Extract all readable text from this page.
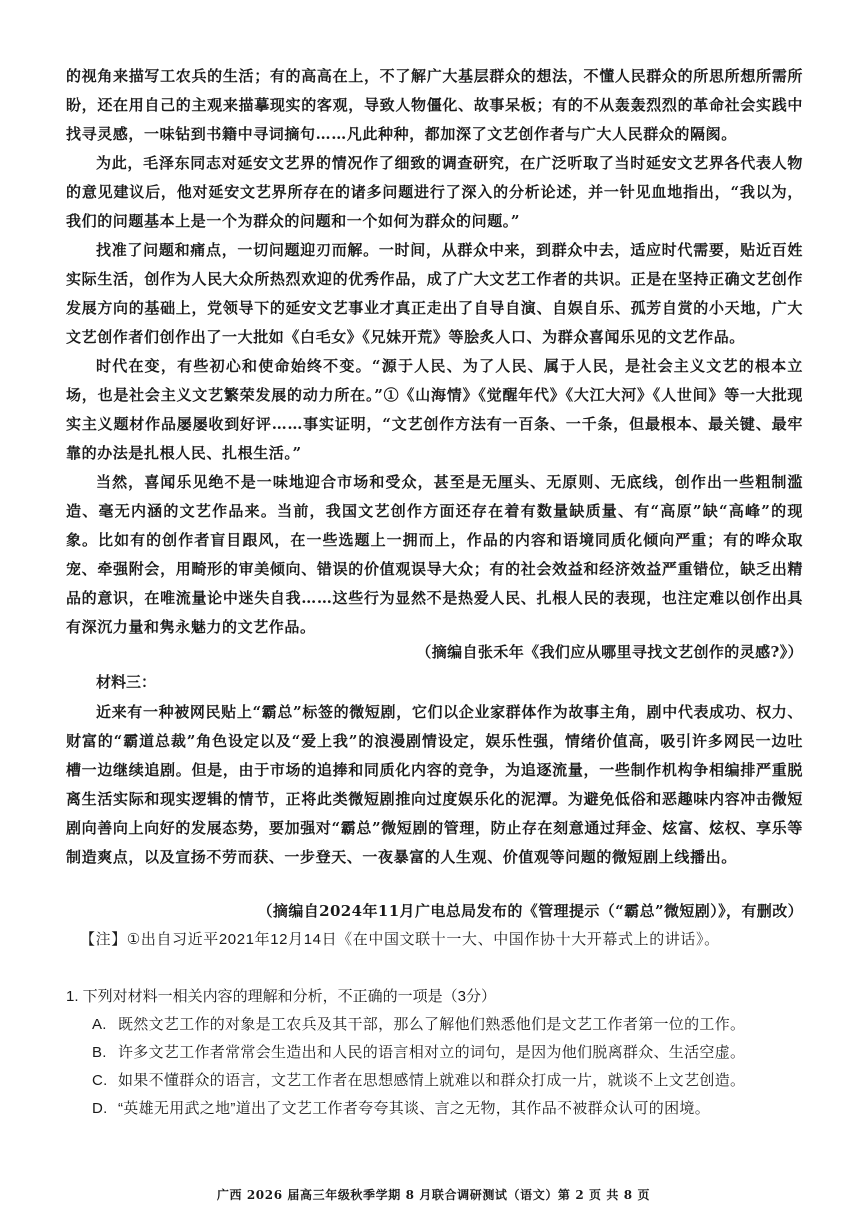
的视角来描写工农兵的生活；有的高高在上，不了解广大基层群众的想法，不懂人民群众的所思所想所需所盼，还在用自己的主观来描摹现实的客观，导致人物僵化、故事呆板；有的不从轰轰烈烈的革命社会实践中找寻灵感，一味钻到书籍中寻词摘句……凡此种种，都加深了文艺创作者与广大人民群众的隔阂。

为此，毛泽东同志对延安文艺界的情况作了细致的调查研究，在广泛听取了当时延安文艺界各代表人物的意见建议后，他对延安文艺界所存在的诸多问题进行了深入的分析论述，并一针见血地指出，“我以为，我们的问题基本上是一个为群众的问题和一个如何为群众的问题。”

找准了问题和痛点，一切问题迎刃而解。一时间，从群众中来，到群众中去，适应时代需要，贴近百姓实际生活，创作为人民大众所热烈欢迎的优秀作品，成了广大文艺工作者的共识。正是在坚持正确文艺创作发展方向的基础上，党领导下的延安文艺事业才真正走出了自导自演、自娱自乐、孤芳自赏的小天地，广大文艺创作者们创作出了一大批如《白毛女》《兄妹开荒》等脍炙人口、为群众喜闻乐见的文艺作品。

时代在变，有些初心和使命始终不变。“源于人民、为了人民、属于人民，是社会主义文艺的根本立场，也是社会主义文艺繁荣发展的动力所在。”①《山海情》《觉醒年代》《大江大河》《人世间》等一大批现实主义题材作品屡屡收到好评……事实证明，“文艺创作方法有一百条、一千条，但最根本、最关键、最牢靠的办法是扎根人民、扎根生活。”

当然，喜闻乐见绝不是一味地迎合市场和受众，甚至是无厘头、无原则、无底线，创作出一些粗制滥造、毫无内涵的文艺作品来。当前，我国文艺创作方面还存在着有数量缺质量、有“高原”缺“高峰”的现象。比如有的创作者盲目跟风，在一些选题上一拥而上，作品的内容和语境同质化倾向严重；有的哗众取宠、牵强附会，用畸形的审美倾向、错误的价值观误导大众；有的社会效益和经济效益严重错位，缺乏出精品的意识，在唯流量论中迷失自我……这些行为显然不是热爱人民、扎根人民的表现，也注定难以创作出具有深沉力量和隽永魅力的文艺作品。

（摘编自张禾年《我们应从哪里寻找文艺创作的灵感?》）

材料三：

近来有一种被网民贴上“霸总”标签的微短剧，它们以企业家群体作为故事主角，剧中代表成功、权力、财富的“霸道总裁”角色设定以及“爱上我”的浪漫剧情设定，娱乐性强，情绪价值高，吸引许多网民一边吐槽一边继续追剧。但是，由于市场的追捧和同质化内容的竞争，为追逐流量，一些制作机构争相编排严重脱离生活实际和现实逻辑的情节，正将此类微短剧推向过度娱乐化的泥潭。为避免低俗和恶趣味内容冲击微短剧向善向上向好的发展态势，要加强对“霸总”微短剧的管理，防止存在刻意通过拜金、炫富、炫权、享乐等制造爽点，以及宣扬不劳而获、一步登天、一夜暴富的人生观、价值观等问题的微短剧上线播出。

（摘编自2024年11月广电总局发布的《管理提示（“霸总”微短剧）》，有删改）

【注】①出自习近平2021年12月14日《在中国文联十一大、中国作协十大开幕式上的讲话》。

1. 下列对材料一相关内容的理解和分析，不正确的一项是（3分）

A. 既然文艺工作的对象是工农兵及其干部，那么了解他们熟悉他们是文艺工作者第一位的工作。

B. 许多文艺工作者常常会生造出和人民的语言相对立的词句，是因为他们脱离群众、生活空虚。

C. 如果不懂群众的语言，文艺工作者在思想感情上就难以和群众打成一片，就谈不上文艺创造。

D. “英雄无用武之地”道出了文艺工作者夸夸其谈、言之无物，其作品不被群众认可的困境。

广西 2026 届高三年级秋季学期 8 月联合调研测试（语文）第 2 页 共 8 页
